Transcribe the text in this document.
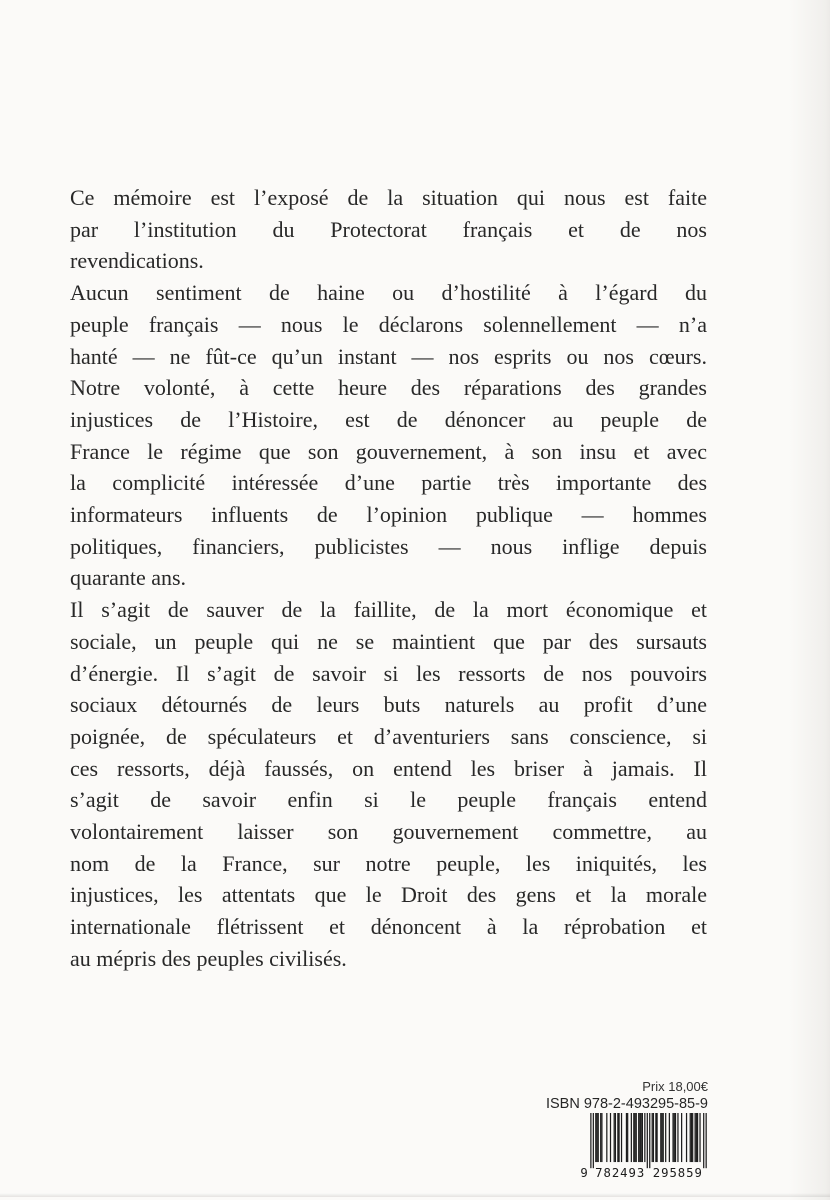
Ce mémoire est l’exposé de la situation qui nous est faite
par l’institution du Protectorat français et de nos
revendications.
Aucun sentiment de haine ou d’hostilité à l’égard du
peuple français — nous le déclarons solennellement — n’a
hanté — ne fût-ce qu’un instant — nos esprits ou nos cœurs.
Notre volonté, à cette heure des réparations des grandes
injustices de l’Histoire, est de dénoncer au peuple de
France le régime que son gouvernement, à son insu et avec
la complicité intéressée d’une partie très importante des
informateurs influents de l’opinion publique — hommes
politiques, financiers, publicistes — nous inflige depuis
quarante ans.
Il s’agit de sauver de la faillite, de la mort économique et
sociale, un peuple qui ne se maintient que par des sursauts
d’énergie. Il s’agit de savoir si les ressorts de nos pouvoirs
sociaux détournés de leurs buts naturels au profit d’une
poignée, de spéculateurs et d’aventuriers sans conscience, si
ces ressorts, déjà faussés, on entend les briser à jamais. Il
s’agit de savoir enfin si le peuple français entend
volontairement laisser son gouvernement commettre, au
nom de la France, sur notre peuple, les iniquités, les
injustices, les attentats que le Droit des gens et la morale
internationale flétrissent et dénoncent à la réprobation et
au mépris des peuples civilisés.
Prix 18,00€
ISBN 978-2-493295-85-9
9 782493 295859
